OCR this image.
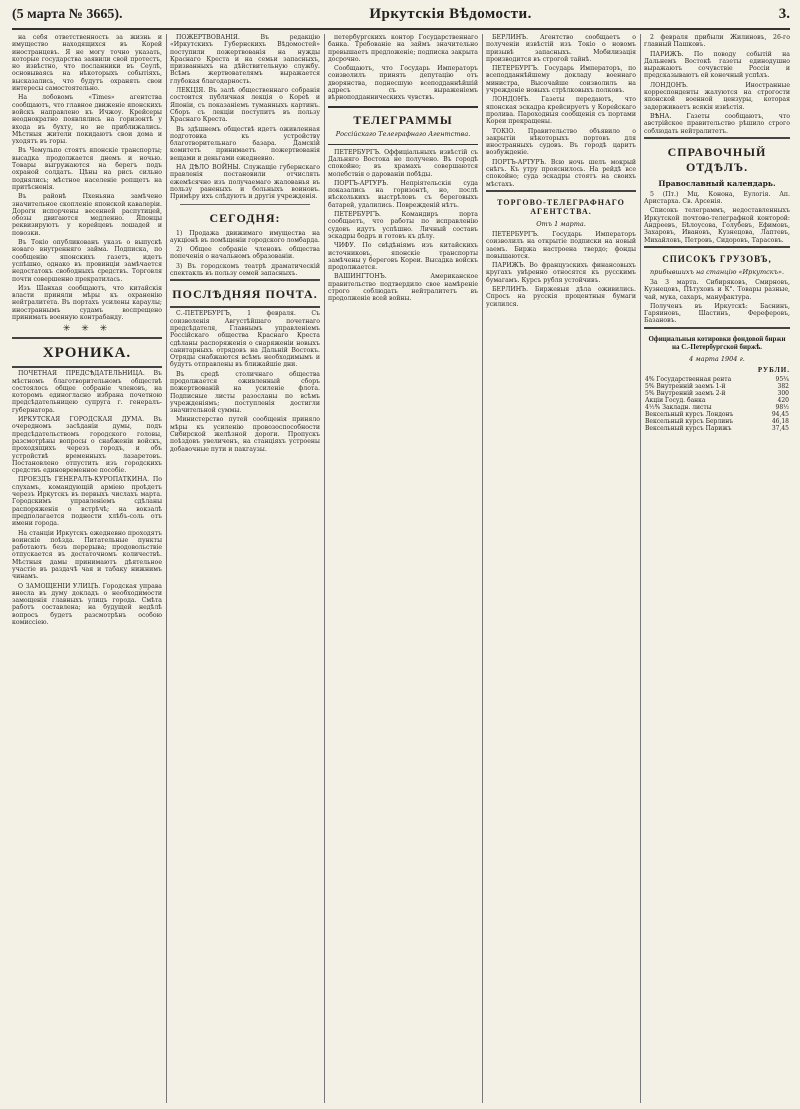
(5 марта № 3665).	Иркутскія Вѣдомости.	3.

на себя ответственность за жизнь и имущество находящихся въ Корей иностранцевъ. Я не могу точно указать, которые государства заявили свой протестъ, но извѣстно, что посланники въ Сеулѣ, основываясь на нѣкоторыхъ событіяхъ, высказались, что будутъ охранять свои интересы самостоятельно.

На лобовомъ «Times» агентства сообщаютъ, что главное движеніе японскихъ войскъ направлено къ Ичжоу. Крейсеры неоднократно появлялись на горизонтѣ у входа въ бухту, но не приближались. Мѣстныя жители покидаютъ свои дома и уходятъ въ горы.

Въ Чемульпо стоятъ японскіе транспорты; высадка продолжается днемъ и ночью. Товары выгружаются на берегъ подъ охраной солдатъ. Цѣны на рисъ сильно поднялись; мѣстное населеніе ропщетъ на притѣсненія.

Въ районѣ Пхеньяна замѣчено значительное скопленіе японской кавалеріи. Дороги испорчены весенней распутицей, обозы двигаются медленно. Японцы реквизируютъ у корейцевъ лошадей и повозки.

Въ Токіо опубликованъ указъ о выпускѣ новаго внутренняго займа. Подписка, по сообщенію японскихъ газетъ, идетъ успѣшно, однако въ провинціи замѣчается недостатокъ свободныхъ средствъ. Торговля почти совершенно прекратилась.

Изъ Шанхая сообщаютъ, что китайскія власти приняли мѣры къ охраненію нейтралитета. Въ портахъ усилены караулы; иностраннымъ судамъ воспрещено принимать военную контрабанду.

✳ ✳ ✳
ХРОНИКА.

ПОЧЕТНАЯ ПРЕДСѢДАТЕЛЬНИЦА. Въ мѣстномъ благотворительномъ обществѣ состоялось общее собраніе членовъ, на которомъ единогласно избрана почетною предсѣдательницею супруга г. генералъ-губернатора.

ИРКУТСКАЯ ГОРОДСКАЯ ДУМА. Въ очередномъ засѣданіи думы, подъ предсѣдательствомъ городского головы, разсмотрѣны вопросы о снабженіи войскъ, проходящихъ черезъ городъ, и объ устройствѣ временныхъ лазаретовъ. Постановлено отпустить изъ городскихъ средствъ единовременное пособіе.

ПРОЕЗДЪ ГЕНЕРАЛЪ-КУРОПАТКИНА. По слухамъ, командующій арміею проѣдетъ черезъ Иркутскъ въ первыхъ числахъ марта. Городскимъ управленіемъ сдѣланы распоряженія о встрѣчѣ; на вокзалѣ предполагается поднести хлѣбъ-соль отъ имени города.

На станціи Иркутскъ ежедневно проходятъ воинскіе поѣзда. Питательные пункты работаютъ безъ перерыва; продовольствіе отпускается въ достаточномъ количествѣ. Мѣстныя дамы принимаютъ дѣятельное участіе въ раздачѣ чая и табаку нижнимъ чинамъ.

О ЗАМОЩЕНІИ УЛИЦЪ. Городская управа внесла въ думу докладъ о необходимости замощенія главныхъ улицъ города. Смѣта работъ составлена; на будущей недѣлѣ вопросъ будетъ разсмотрѣнъ особою комиссіею.

ПОЖЕРТВОВАНІЯ. Въ редакцію «Иркутскихъ Губернскихъ Вѣдомостей» поступили пожертвованія на нужды Краснаго Креста и на семьи запасныхъ, призванныхъ на дѣйствительную службу. Всѣмъ жертвователямъ выражается глубокая благодарность.

ЛЕКЦІЯ. Въ залѣ общественнаго собранія состоится публичная лекція о Кореѣ и Японіи, съ показаніемъ туманныхъ картинъ. Сборъ съ лекціи поступитъ въ пользу Краснаго Креста.

Въ здѣшнемъ обществѣ идетъ оживленная подготовка къ устройству благотворительнаго базара. Дамскій комитетъ принимаетъ пожертвованія вещами и деньгами ежедневно.

НА ДѢЛО ВОЙНЫ. Служащіе губернскаго правленія постановили отчислять ежемѣсячно изъ получаемаго жалованья въ пользу раненыхъ и больныхъ воиновъ. Примѣру ихъ слѣдуютъ и другія учрежденія.

СЕГОДНЯ:

1) Продажа движимаго имущества на аукціонѣ въ помѣщеніи городского ломбарда.

2) Общее собраніе членовъ общества попеченія о начальномъ образованіи.

3) Въ городскомъ театрѣ драматическій спектакль въ пользу семей запасныхъ.

ПОСЛѢДНЯЯ ПОЧТА.

С.-ПЕТЕРБУРГЪ, 1 февраля. Съ соизволенія Августѣйшаго почетнаго предсѣдателя, Главнымъ управленіемъ Россійскаго общества Краснаго Креста сдѣланы распоряженія о снаряженіи новыхъ санитарныхъ отрядовъ на Дальній Востокъ. Отряды снабжаются всѣмъ необходимымъ и будутъ отправлены въ ближайшіе дни.

Въ средѣ столичнаго общества продолжается оживленный сборъ пожертвованій на усиленіе флота. Подписные листы разосланы по всѣмъ учрежденіямъ; поступленія достигли значительной суммы.

Министерство путей сообщенія приняло мѣры къ усиленію провозоспособности Сибирской желѣзной дороги. Пропускъ поѣздовъ увеличенъ, на станціяхъ устроены добавочные пути и пакгаузы.

петербургскихъ контор Государственнаго банка. Требованіе на займъ значительно превышаетъ предложеніе; подписка закрыта досрочно.

Сообщаютъ, что Государь Императоръ соизволилъ принять депутацію отъ дворянства, поднесшую всеподданнѣйшій адресъ съ выраженіемъ вѣрноподданническихъ чувствъ.

ТЕЛЕГРАММЫ
Россійскаго Телеграфнаго Агентства.

ПЕТЕРБУРГЪ. Оффиціальныхъ извѣстій съ Дальняго Востока не получено. Въ городѣ спокойно; въ храмахъ совершаются молебствія о дарованіи побѣды.

ПОРТЪ-АРТУРЪ. Непріятельскія суда показались на горизонтѣ, но, послѣ нѣсколькихъ выстрѣловъ съ береговыхъ батарей, удалились. Поврежденій нѣтъ.

ПЕТЕРБУРГЪ. Командиръ порта сообщаетъ, что работы по исправленію судовъ идутъ успѣшно. Личный составъ эскадры бодръ и готовъ къ дѣлу.

ЧИФУ. По свѣдѣніямъ изъ китайскихъ источниковъ, японскіе транспорты замѣчены у береговъ Кореи. Высадка войскъ продолжается.

ВАШИНГТОНЪ. Американское правительство подтвердило свое намѣреніе строго соблюдать нейтралитетъ въ продолженіе всей войны.

БЕРЛИНЪ. Агентство сообщаетъ о полученіи извѣстій изъ Токіо о новомъ призывѣ запасныхъ. Мобилизація производится въ строгой тайнѣ.

ПЕТЕРБУРГЪ. Государь Императоръ, по всеподданнѣйшему докладу военнаго министра, Высочайше соизволилъ на учрежденіе новыхъ стрѣлковыхъ полковъ.

ЛОНДОНЪ. Газеты передаютъ, что японская эскадра крейсируетъ у Корейскаго пролива. Пароходныя сообщенія съ портами Кореи прекращены.

ТОКІО. Правительство объявило о закрытіи нѣкоторыхъ портовъ для иностранныхъ судовъ. Въ городѣ царитъ возбужденіе.

ПОРТЪ-АРТУРЪ. Всю ночь шелъ мокрый снѣгъ. Къ утру прояснилось. На рейдѣ все спокойно; суда эскадры стоятъ на своихъ мѣстахъ.

ТОРГОВО-ТЕЛЕГРАФНАГО АГЕНТСТВА.
Отъ 1 марта.

ПЕТЕРБУРГЪ. Государь Императоръ соизволилъ на открытіе подписки на новый заемъ. Биржа настроена твердо; фонды повышаются.

ПАРИЖЪ. Во французскихъ финансовыхъ кругахъ увѣренно относятся къ русскимъ бумагамъ. Курсъ рубля устойчивъ.

БЕРЛИНЪ. Биржевыя дѣла оживились. Спросъ на русскія процентныя бумаги усилился.

2 февраля прибыли Жилиновъ, 26-го главный Пашковъ.

ПАРИЖЪ. По поводу событій на Дальнемъ Востокѣ газеты единодушно выражаютъ сочувствіе Россіи и предсказываютъ ей конечный успѣхъ.

ЛОНДОНЪ. Иностранные корреспонденты жалуются на строгости японской военной цензуры, которая задерживаетъ всякія извѣстія.

ВѢНА. Газеты сообщаютъ, что австрійское правительство рѣшило строго соблюдать нейтралитетъ.

СПРАВОЧНЫЙ ОТДѢЛЪ.
Православный календарь.

5 (Пт.) Мц. Конона, Еулогія. Ап. Аристарха. Св. Арсенія.

Списокъ телеграммъ, недоставленныхъ Иркутской почтово-телеграфной конторой: Андреевъ, Бѣлоусова, Голубевъ, Ефимовъ, Захаровъ, Ивановъ, Кузнецова, Лаптевъ, Михайловъ, Петровъ, Сидоровъ, Тарасовъ.

СПИСОКЪ ГРУЗОВЪ,
прибывшихъ на станцію «Иркутскъ».

За 3 марта. Сибиряковъ, Смирновъ, Кузнецовъ, Пѣтуховъ и К°. Товары разные, чай, мука, сахаръ, мануфактура.

Полученъ въ Иркутскѣ: Баснинъ, Гаряиновъ, Шастинъ, Фереферовъ, Базановъ.

Официальныя котировки фондовой биржи на С.-Петербургской биржѣ.
4 марта 1904 г.
РУБЛИ.
4% Государственная рента	95¾
5% Внутренній заемъ 1-й	382
5% Внутренній заемъ 2-й	300
Акціи Госуд. банка	420
4½% Закладн. листы	98½
Вексельный курсъ Лондонъ	94,45
Вексельный курсъ Берлинъ	46,18
Вексельный курсъ Парижъ	37,45
